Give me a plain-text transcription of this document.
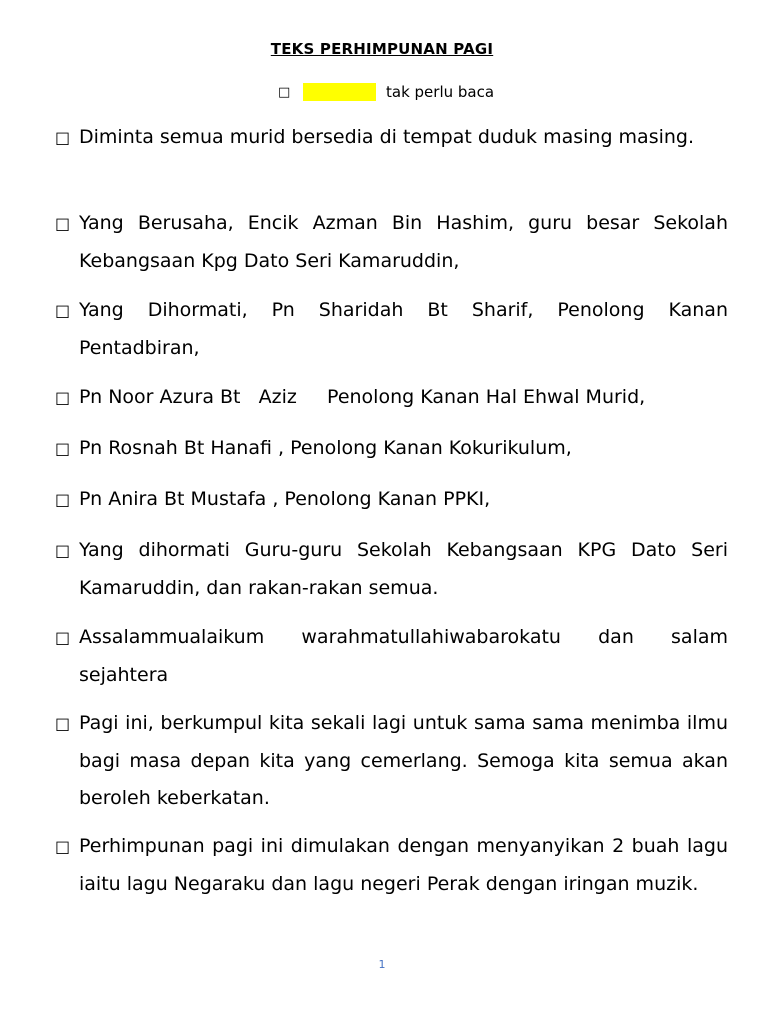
TEKS PERHIMPUNAN PAGI
□	tak perlu baca
□ Diminta semua murid bersedia di tempat duduk masing masing.
□ Yang Berusaha, Encik Azman Bin Hashim, guru besar Sekolah Kebangsaan Kpg Dato Seri Kamaruddin,
□ Yang Dihormati, Pn Sharidah Bt Sharif, Penolong Kanan Pentadbiran,
□ Pn Noor Azura Bt   Aziz     Penolong Kanan Hal Ehwal Murid,
□ Pn Rosnah Bt Hanafi , Penolong Kanan Kokurikulum,
□ Pn Anira Bt Mustafa , Penolong Kanan PPKI,
□ Yang dihormati Guru-guru Sekolah Kebangsaan KPG Dato Seri Kamaruddin, dan rakan-rakan semua.
□ Assalammualaikum warahmatullahiwabarokatu dan salam sejahtera
□ Pagi ini, berkumpul kita sekali lagi untuk sama sama menimba ilmu bagi masa depan kita yang cemerlang. Semoga kita semua akan beroleh keberkatan.
□ Perhimpunan pagi ini dimulakan dengan menyanyikan 2 buah lagu iaitu lagu Negaraku dan lagu negeri Perak dengan iringan muzik.
1
